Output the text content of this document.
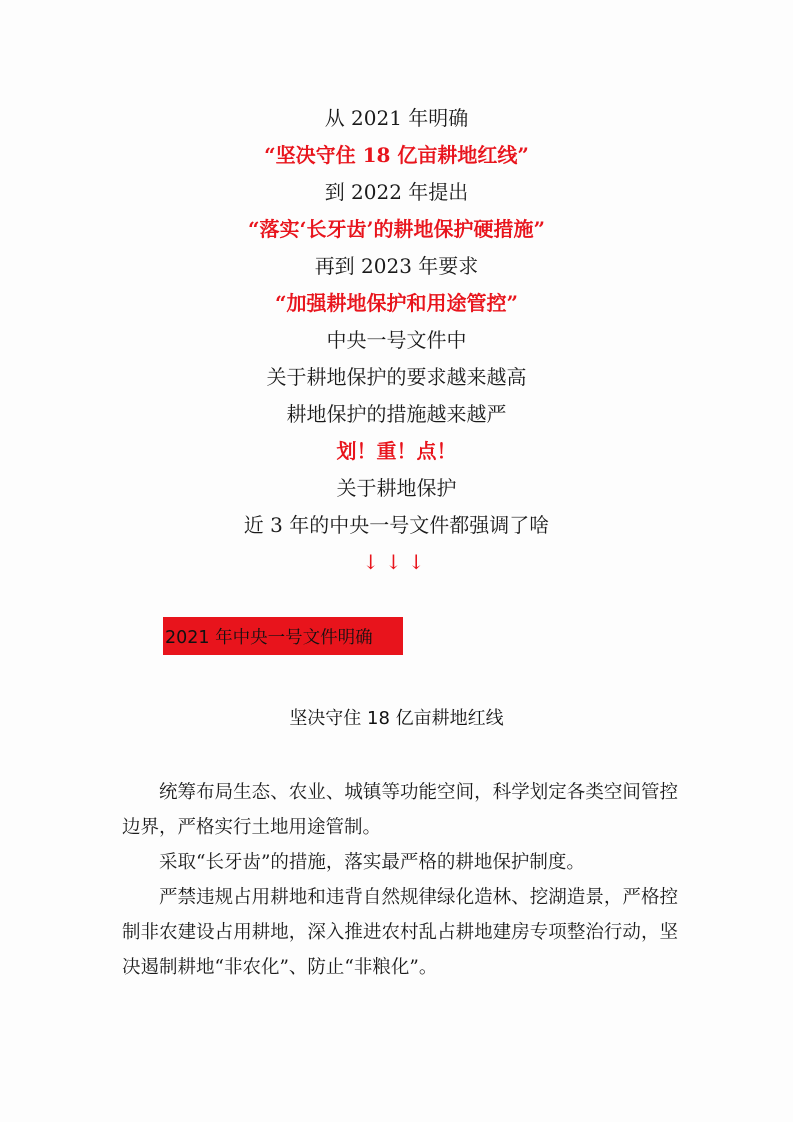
从 2021 年明确
“坚决守住 18 亿亩耕地红线”
到 2022 年提出
“落实‘长牙齿’的耕地保护硬措施”
再到 2023 年要求
“加强耕地保护和用途管控”
中央一号文件中
关于耕地保护的要求越来越高
耕地保护的措施越来越严
划！重！点！
关于耕地保护
近 3 年的中央一号文件都强调了啥
↓↓↓
2021 年中央一号文件明确
坚决守住 18 亿亩耕地红线

统筹布局生态、农业、城镇等功能空间，科学划定各类空间管控边界，严格实行土地用途管制。

采取“长牙齿”的措施，落实最严格的耕地保护制度。

严禁违规占用耕地和违背自然规律绿化造林、挖湖造景，严格控制非农建设占用耕地，深入推进农村乱占耕地建房专项整治行动，坚决遏制耕地“非农化”、防止“非粮化”。
